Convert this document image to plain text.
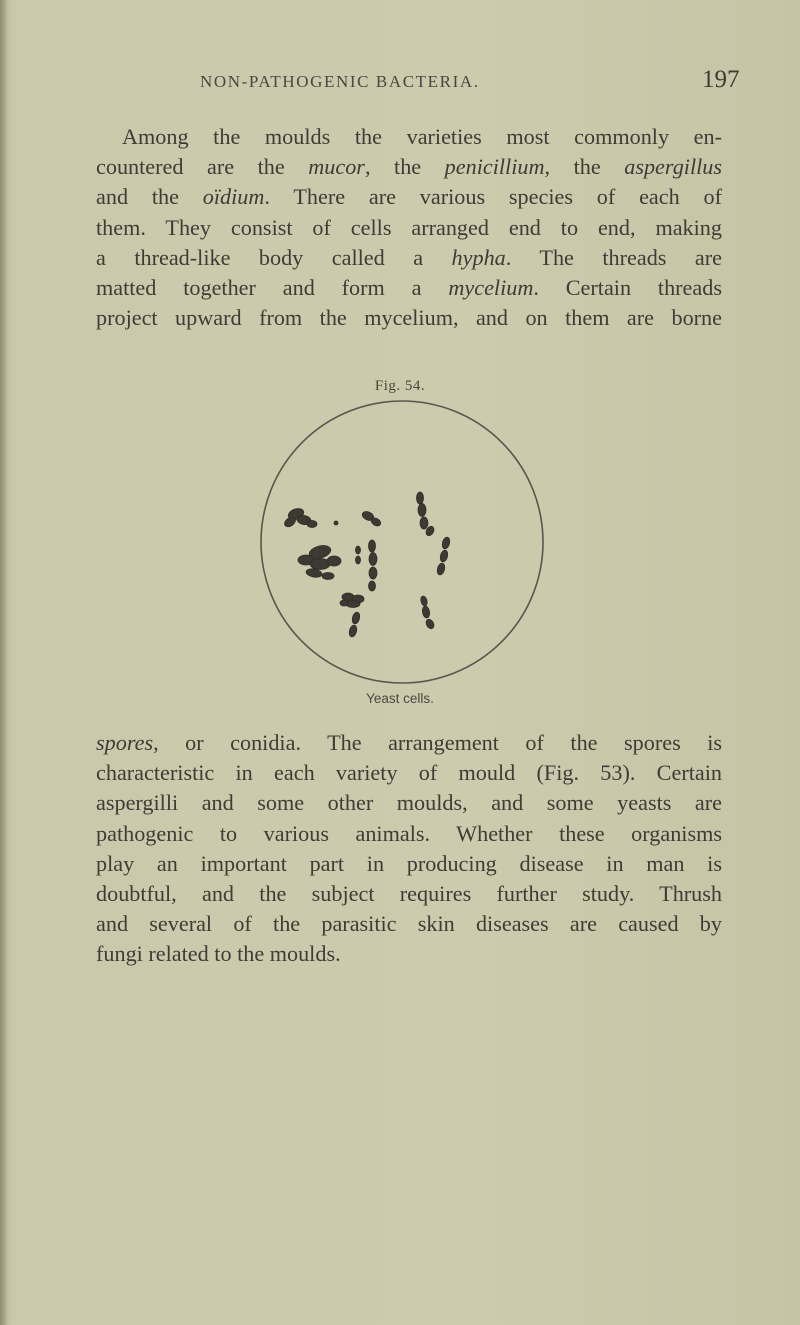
NON-PATHOGENIC BACTERIA.	197
Among the moulds the varieties most commonly en-
countered are the mucor, the penicillium, the aspergillus
and the oïdium. There are various species of each of
them. They consist of cells arranged end to end, making
a thread-like body called a hypha. The threads are
matted together and form a mycelium. Certain threads
project upward from the mycelium, and on them are borne
Fig. 54.
Yeast cells.
spores, or conidia. The arrangement of the spores is
characteristic in each variety of mould (Fig. 53). Certain
aspergilli and some other moulds, and some yeasts are
pathogenic to various animals. Whether these organisms
play an important part in producing disease in man is
doubtful, and the subject requires further study. Thrush
and several of the parasitic skin diseases are caused by
fungi related to the moulds.
